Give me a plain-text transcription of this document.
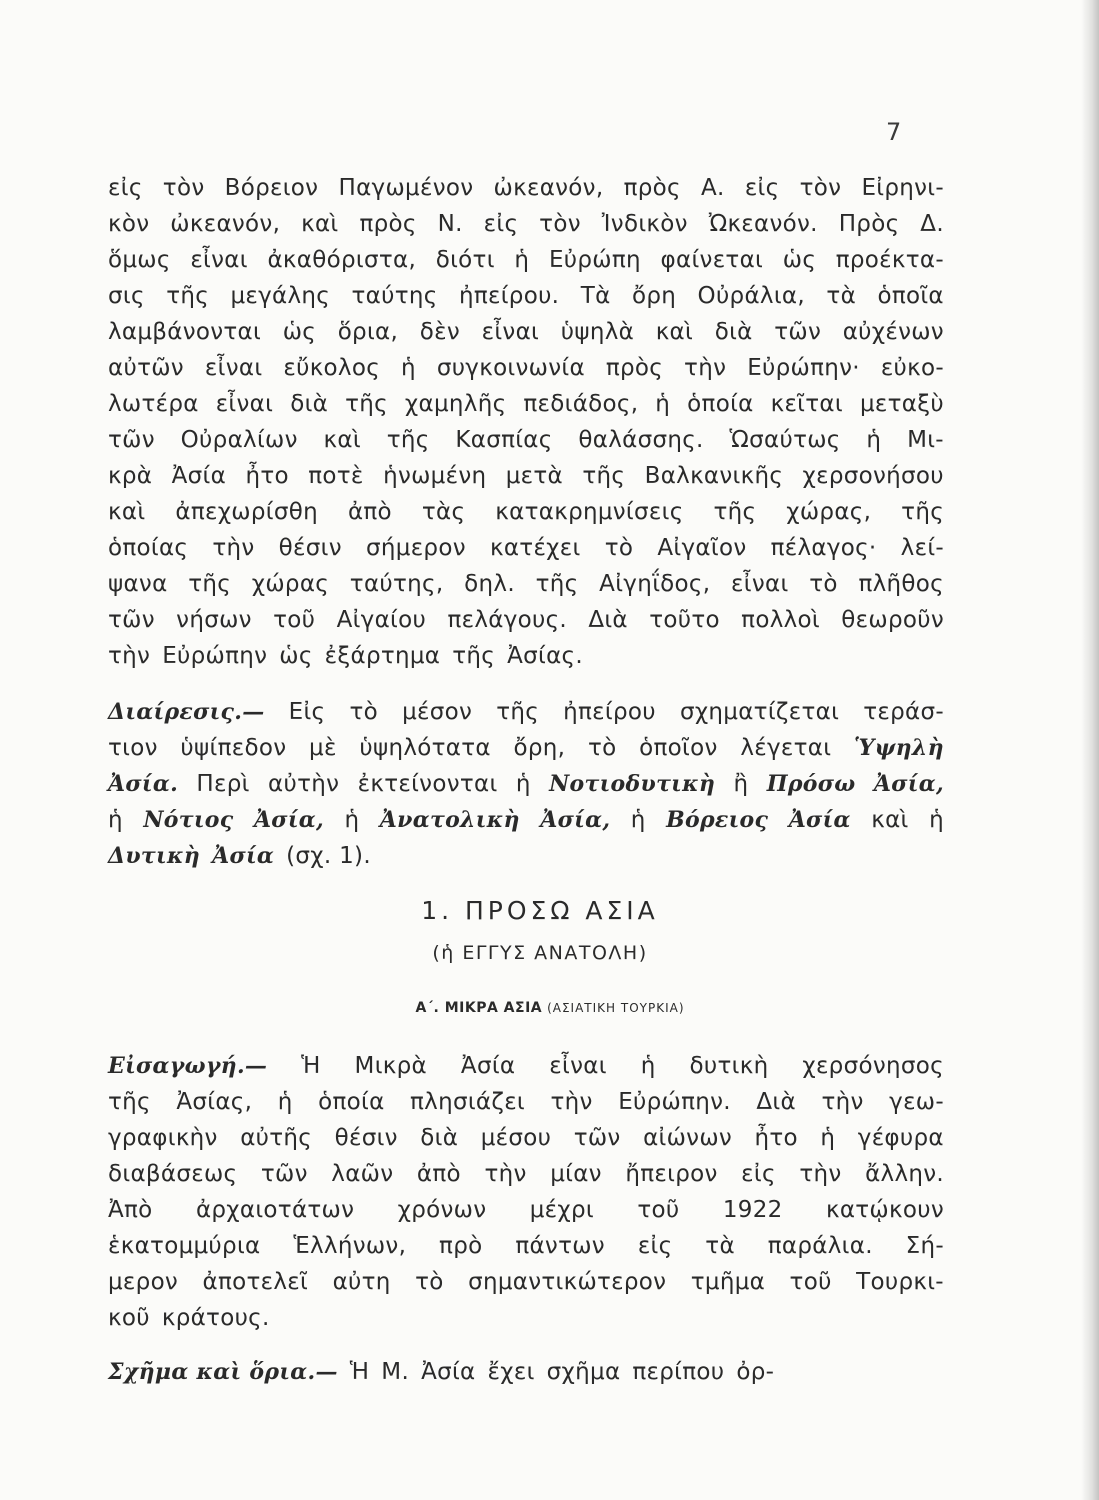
7
εἰς τὸν Βόρειον Παγωμένον ὠκεανόν, πρὸς Α. εἰς τὸν Εἰρηνι-
κὸν ὠκεανόν, καὶ πρὸς Ν. εἰς τὸν Ἰνδικὸν Ὠκεανόν. Πρὸς Δ.
ὅμως εἶναι ἀκαθόριστα, διότι ἡ Εὐρώπη φαίνεται ὡς προέκτα-
σις τῆς μεγάλης ταύτης ἠπείρου. Τὰ ὄρη Οὐράλια, τὰ ὁποῖα
λαμβάνονται ὡς ὅρια, δὲν εἶναι ὑψηλὰ καὶ διὰ τῶν αὐχένων
αὐτῶν εἶναι εὔκολος ἡ συγκοινωνία πρὸς τὴν Εὐρώπην· εὐκο-
λωτέρα εἶναι διὰ τῆς χαμηλῆς πεδιάδος, ἡ ὁποία κεῖται μεταξὺ
τῶν Οὐραλίων καὶ τῆς Κασπίας θαλάσσης. Ὡσαύτως ἡ Μι-
κρὰ Ἀσία ἦτο ποτὲ ἡνωμένη μετὰ τῆς Βαλκανικῆς χερσονήσου
καὶ ἀπεχωρίσθη ἀπὸ τὰς κατακρημνίσεις τῆς χώρας, τῆς
ὁποίας τὴν θέσιν σήμερον κατέχει τὸ Αἰγαῖον πέλαγος· λεί-
ψανα τῆς χώρας ταύτης, δηλ. τῆς Αἰγηΐδος, εἶναι τὸ πλῆθος
τῶν νήσων τοῦ Αἰγαίου πελάγους. Διὰ τοῦτο πολλοὶ θεωροῦν
τὴν Εὐρώπην ὡς ἐξάρτημα τῆς Ἀσίας.
Διαίρεσις.— Εἰς τὸ μέσον τῆς ἠπείρου σχηματίζεται τεράσ-
τιον ὑψίπεδον μὲ ὑψηλότατα ὄρη, τὸ ὁποῖον λέγεται Ὑψηλὴ
Ἀσία. Περὶ αὐτὴν ἐκτείνονται ἡ Νοτιοδυτικὴ ἢ Πρόσω Ἀσία,
ἡ Νότιος Ἀσία, ἡ Ἀνατολικὴ Ἀσία, ἡ Βόρειος Ἀσία καὶ ἡ
Δυτικὴ Ἀσία (σχ. 1).
1. ΠΡΟΣΩ ΑΣΙΑ
(ἡ ΕΓΓΥΣ ΑΝΑΤΟΛΗ)
Α΄. ΜΙΚΡΑ ΑΣΙΑ (ΑΣΙΑΤΙΚΗ ΤΟΥΡΚΙΑ)
Εἰσαγωγή.— Ἡ Μικρὰ Ἀσία εἶναι ἡ δυτικὴ χερσόνησος
τῆς Ἀσίας, ἡ ὁποία πλησιάζει τὴν Εὐρώπην. Διὰ τὴν γεω-
γραφικὴν αὐτῆς θέσιν διὰ μέσου τῶν αἰώνων ἦτο ἡ γέφυρα
διαβάσεως τῶν λαῶν ἀπὸ τὴν μίαν ἤπειρον εἰς τὴν ἄλλην.
Ἀπὸ ἀρχαιοτάτων χρόνων μέχρι τοῦ 1922 κατῴκουν
ἑκατομμύρια Ἑλλήνων, πρὸ πάντων εἰς τὰ παράλια. Σή-
μερον ἀποτελεῖ αὐτη τὸ σημαντικώτερον τμῆμα τοῦ Τουρκι-
κοῦ κράτους.
Σχῆμα καὶ ὅρια.— Ἡ Μ. Ἀσία ἔχει σχῆμα περίπου ὀρ-
